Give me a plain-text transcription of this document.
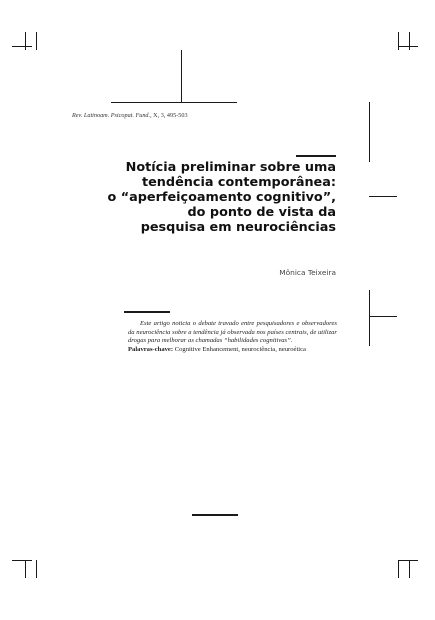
Rev. Latinoam. Psicopat. Fund., X, 3, 495-503
Notícia preliminar sobre uma
tendência contemporânea:
o “aperfeiçoamento cognitivo”,
do ponto de vista da
pesquisa em neurociências
Mônica Teixeira
Este artigo noticia o debate travado entre pesquisadores e observadores da neurociência sobre a tendência já observada nos países centrais, de utilizar drogas para melhorar as chamadas “habilidades cognitivas”.
Palavras-chave: Cognitive Enhancement, neurociência, neuroética
